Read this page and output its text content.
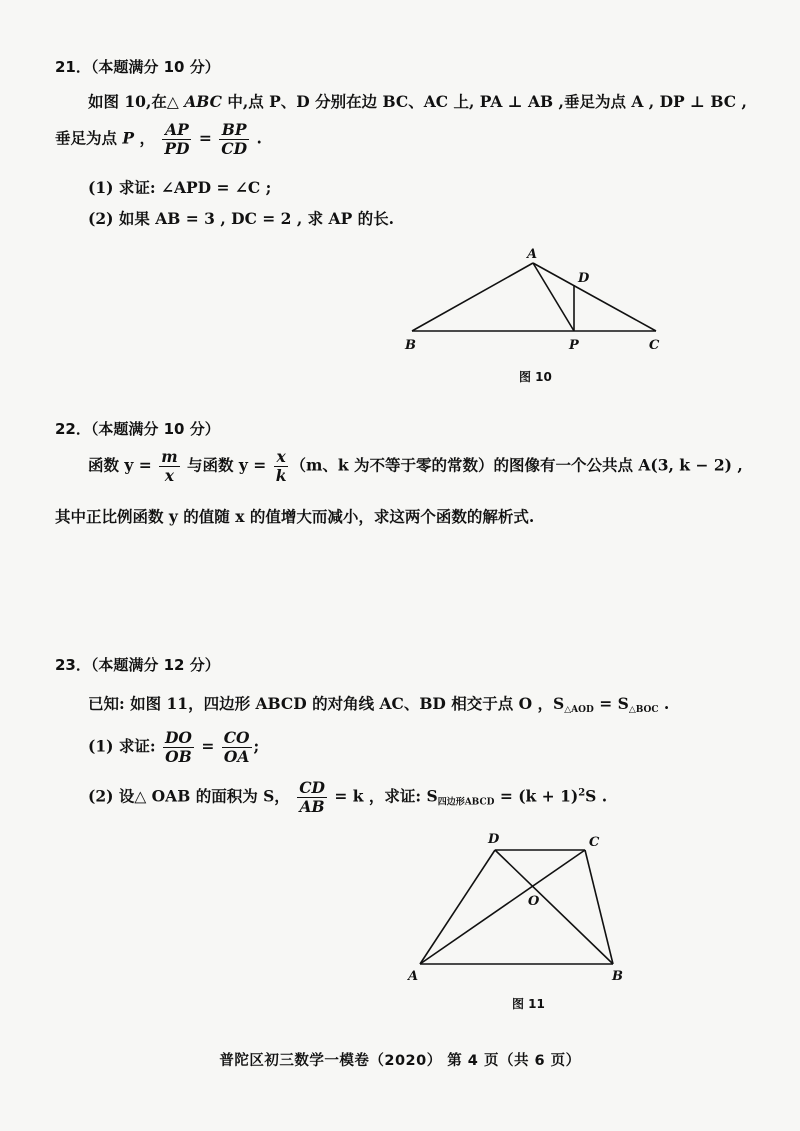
21．（本题满分 10 分）
如图 10,在△ ABC 中,点 P、D 分别在边 BC、AC 上, PA ⊥ AB ,垂足为点 A , DP ⊥ BC ,
垂足为点 P ， $\frac{AP}{PD} = \frac{BP}{CD}$ .
(1) 求证: ∠APD = ∠C ;
(2) 如果 AB = 3 , DC = 2 , 求 AP 的长.
A
D
B	P	C
图 10
22．（本题满分 10 分）
函数 $y = \frac{m}{x}$ 与函数 $y = \frac{x}{k} (m$、k 为不等于零的常数）的图像有一个公共点 A(3, k − 2) ,
其中正比例函数 y 的值随 x 的值增大而减小，求这两个函数的解析式.
23．（本题满分 12 分）
已知: 如图 11，四边形 ABCD 的对角线 AC、BD 相交于点 O ，$S_{\triangle AOD} = S_{\triangle BOC}$ .
(1) 求证: $\frac{DO}{OB} = \frac{CO}{OA}$ ;
(2) 设△ OAB 的面积为 S， $\frac{CD}{AB} = k$ ，求证: $S_{四边形ABCD} = (k + 1)^2S$ .
D	C
O
A	B
图 11
普陀区初三数学一模卷（2020） 第 4 页（共 6 页）
